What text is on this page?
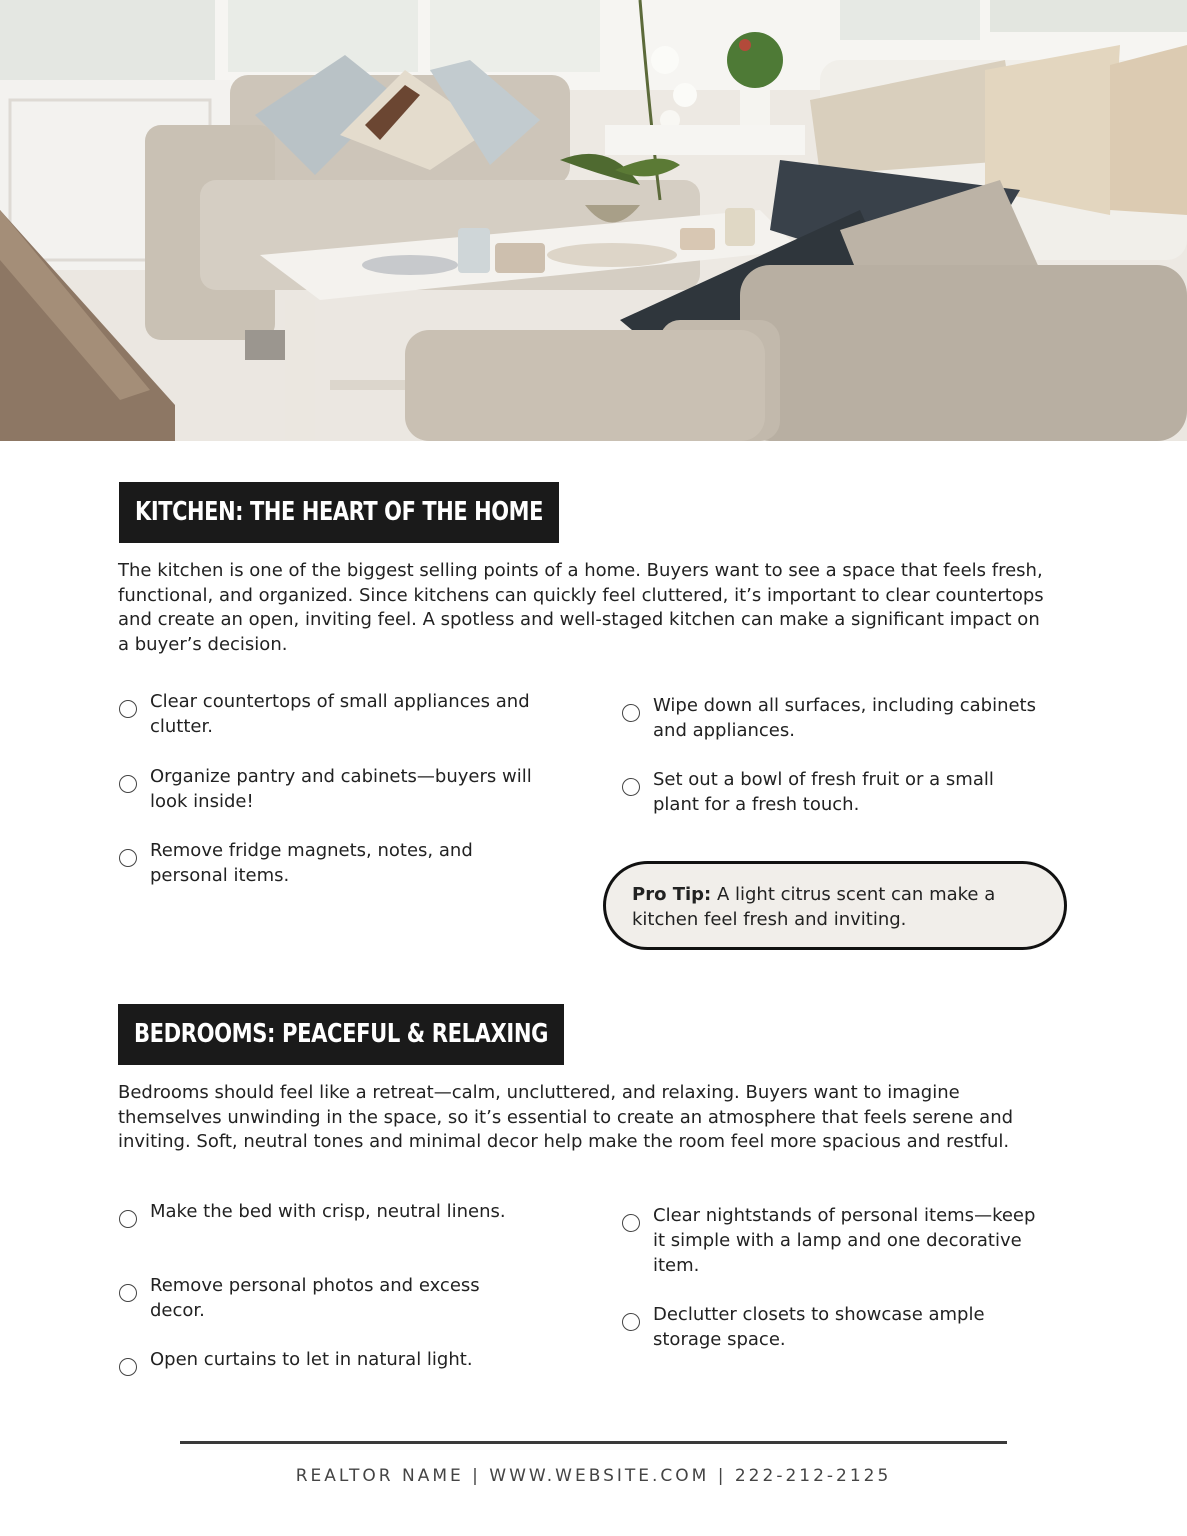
KITCHEN: THE HEART OF THE HOME

The kitchen is one of the biggest selling points of a home. Buyers want to see a space that feels fresh, functional, and organized. Since kitchens can quickly feel cluttered, it’s important to clear countertops and create an open, inviting feel. A spotless and well-staged kitchen can make a significant impact on a buyer’s decision.

Clear countertops of small appliances and clutter.
Organize pantry and cabinets—buyers will look inside!
Remove fridge magnets, notes, and personal items.
Wipe down all surfaces, including cabinets and appliances.
Set out a bowl of fresh fruit or a small plant for a fresh touch.
Pro Tip: A light citrus scent can make a kitchen feel fresh and inviting.
BEDROOMS: PEACEFUL & RELAXING

Bedrooms should feel like a retreat—calm, uncluttered, and relaxing. Buyers want to imagine themselves unwinding in the space, so it’s essential to create an atmosphere that feels serene and inviting. Soft, neutral tones and minimal decor help make the room feel more spacious and restful.

Make the bed with crisp, neutral linens.
Remove personal photos and excess decor.
Open curtains to let in natural light.
Clear nightstands of personal items—keep it simple with a lamp and one decorative item.
Declutter closets to showcase ample storage space.
REALTOR NAME | WWW.WEBSITE.COM | 222-212-2125
